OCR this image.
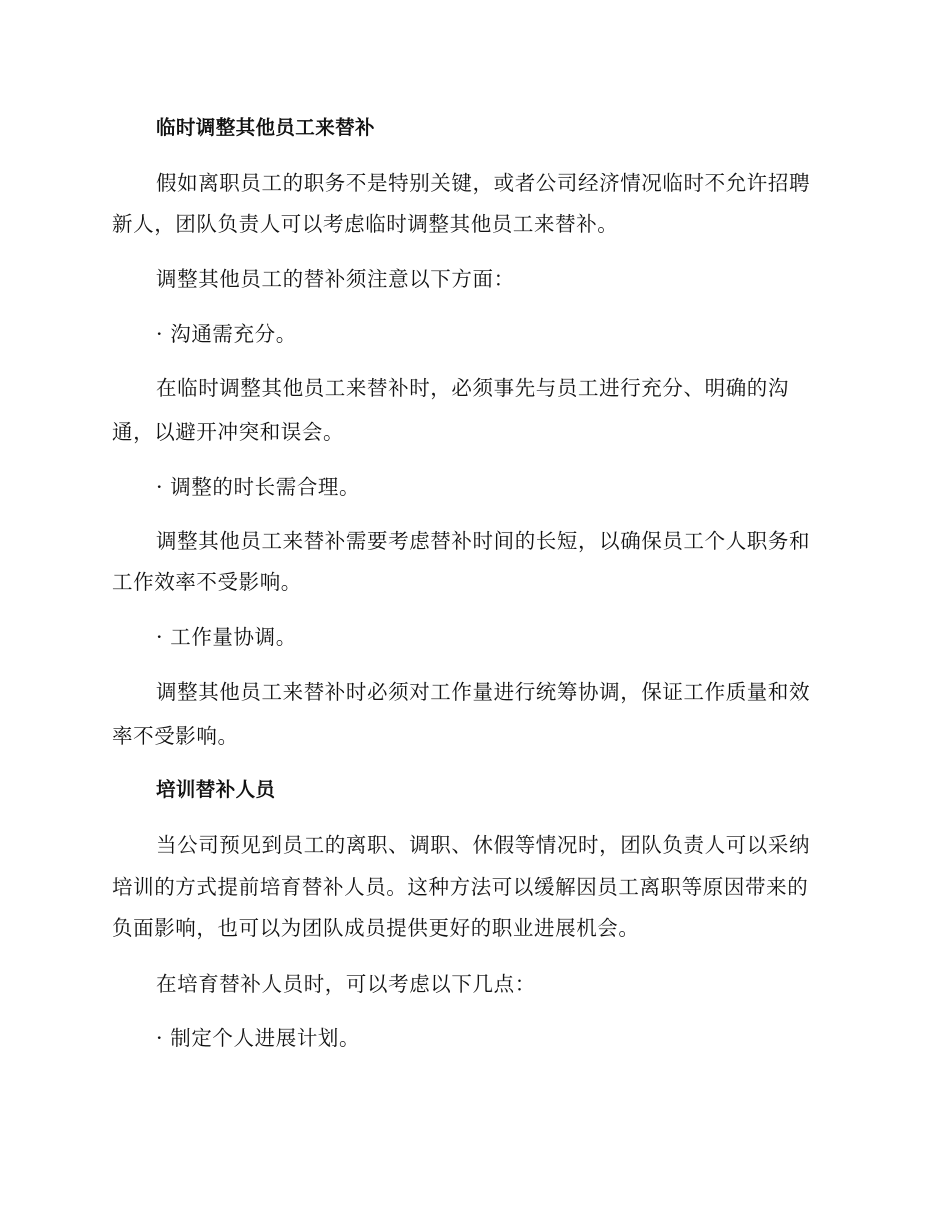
临时调整其他员工来替补
假如离职员工的职务不是特别关键，或者公司经济情况临时不允许招聘
新人，团队负责人可以考虑临时调整其他员工来替补。
调整其他员工的替补须注意以下方面：
· 沟通需充分。
在临时调整其他员工来替补时，必须事先与员工进行充分、明确的沟
通，以避开冲突和误会。
· 调整的时长需合理。
调整其他员工来替补需要考虑替补时间的长短，以确保员工个人职务和
工作效率不受影响。
· 工作量协调。
调整其他员工来替补时必须对工作量进行统筹协调，保证工作质量和效
率不受影响。
培训替补人员
当公司预见到员工的离职、调职、休假等情况时，团队负责人可以采纳
培训的方式提前培育替补人员。这种方法可以缓解因员工离职等原因带来的
负面影响，也可以为团队成员提供更好的职业进展机会。
在培育替补人员时，可以考虑以下几点：
· 制定个人进展计划。
